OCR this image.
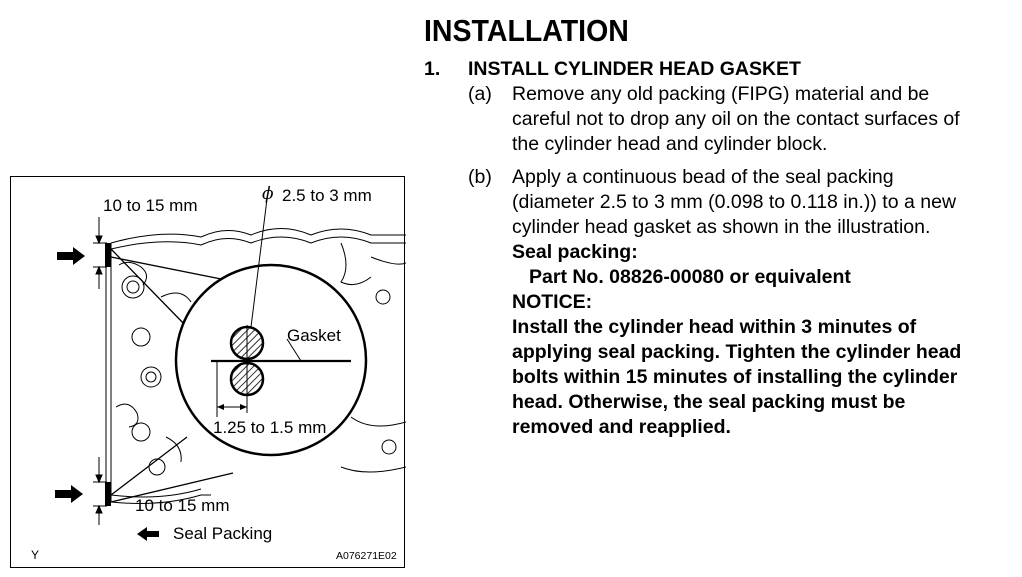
10 to 15 mm
ϕ 2.5 to 3 mm
Gasket
1.25 to 1.5 mm
10 to 15 mm
Seal Packing
Y	A076271E02
INSTALLATION
1. INSTALL CYLINDER HEAD GASKET
(a) Remove any old packing (FIPG) material and be
careful not to drop any oil on the contact surfaces of
the cylinder head and cylinder block.
(b) Apply a continuous bead of the seal packing
(diameter 2.5 to 3 mm (0.098 to 0.118 in.)) to a new
cylinder head gasket as shown in the illustration.
Seal packing:
Part No. 08826-00080 or equivalent
NOTICE:
Install the cylinder head within 3 minutes of
applying seal packing. Tighten the cylinder head
bolts within 15 minutes of installing the cylinder
head. Otherwise, the seal packing must be
removed and reapplied.
